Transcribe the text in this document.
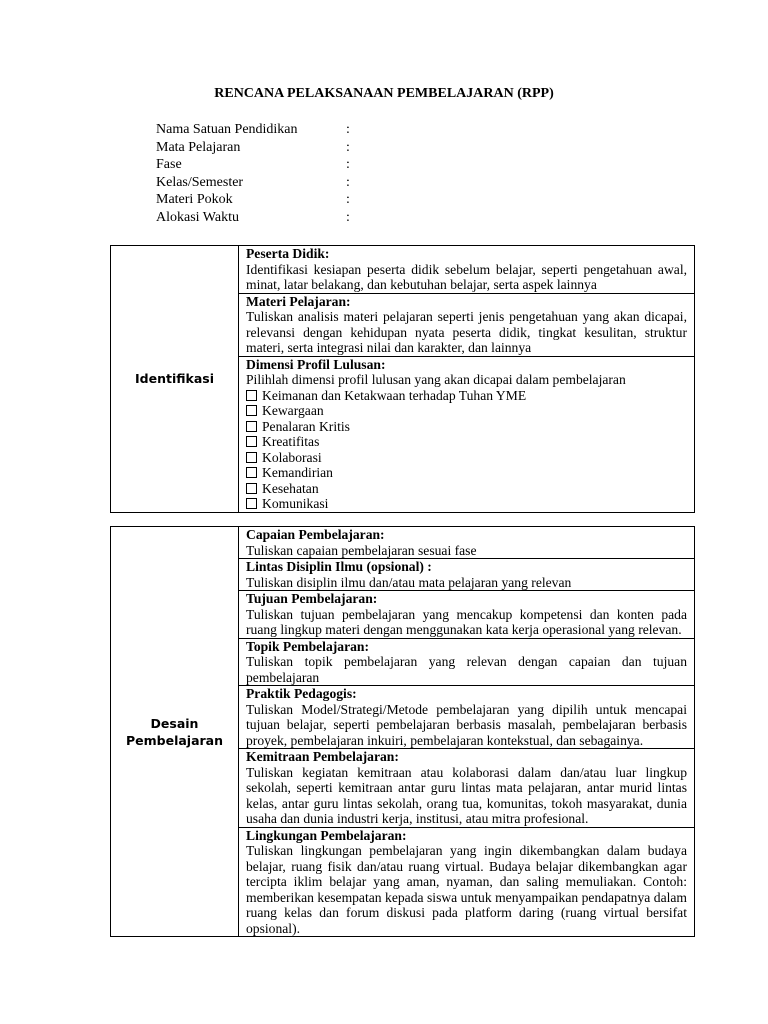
RENCANA PELAKSANAAN PEMBELAJARAN (RPP)
Nama Satuan Pendidikan	:
Mata Pelajaran	:
Fase	:
Kelas/Semester	:
Materi Pokok	:
Alokasi Waktu	:
Identifikasi	
Peserta Didik:
Identifikasi kesiapan peserta didik sebelum belajar, seperti pengetahuan awal, minat, latar belakang, dan kebutuhan belajar, serta aspek lainnya

Materi Pelajaran:
Tuliskan analisis materi pelajaran seperti jenis pengetahuan yang akan dicapai, relevansi dengan kehidupan nyata peserta didik, tingkat kesulitan, struktur materi, serta integrasi nilai dan karakter, dan lainnya

Dimensi Profil Lulusan:
Pilihlah dimensi profil lulusan yang akan dicapai dalam pembelajaran
Keimanan dan Ketakwaan terhadap Tuhan YME
Kewargaan
Penalaran Kritis
Kreatifitas
Kolaborasi
Kemandirian
Kesehatan
Komunikasi
Desain
Pembelajaran	
Capaian Pembelajaran:
Tuliskan capaian pembelajaran sesuai fase

Lintas Disiplin Ilmu (opsional) :
Tuliskan disiplin ilmu dan/atau mata pelajaran yang relevan

Tujuan Pembelajaran:
Tuliskan tujuan pembelajaran yang mencakup kompetensi dan konten pada ruang lingkup materi dengan menggunakan kata kerja operasional yang relevan.

Topik Pembelajaran:
Tuliskan topik pembelajaran yang relevan dengan capaian dan tujuan pembelajaran

Praktik Pedagogis:
Tuliskan Model/Strategi/Metode pembelajaran yang dipilih untuk mencapai tujuan belajar, seperti pembelajaran berbasis masalah, pembelajaran berbasis proyek, pembelajaran inkuiri, pembelajaran kontekstual, dan sebagainya.

Kemitraan Pembelajaran:
Tuliskan kegiatan kemitraan atau kolaborasi dalam dan/atau luar lingkup sekolah, seperti kemitraan antar guru lintas mata pelajaran, antar murid lintas kelas, antar guru lintas sekolah, orang tua, komunitas, tokoh masyarakat, dunia usaha dan dunia industri kerja, institusi, atau mitra profesional.

Lingkungan Pembelajaran:
Tuliskan lingkungan pembelajaran yang ingin dikembangkan dalam budaya belajar, ruang fisik dan/atau ruang virtual. Budaya belajar dikembangkan agar tercipta iklim belajar yang aman, nyaman, dan saling memuliakan. Contoh: memberikan kesempatan kepada siswa untuk menyampaikan pendapatnya dalam ruang kelas dan forum diskusi pada platform daring (ruang virtual bersifat opsional).
